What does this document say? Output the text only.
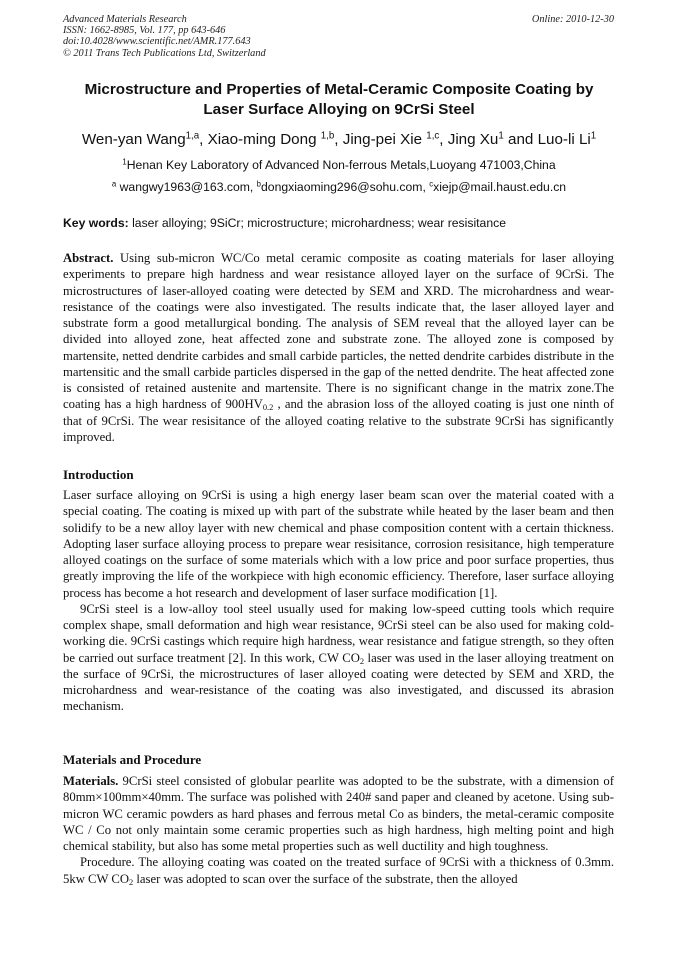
Advanced Materials Research
ISSN: 1662-8985, Vol. 177, pp 643-646
doi:10.4028/www.scientific.net/AMR.177.643
© 2011 Trans Tech Publications Ltd, Switzerland
Online: 2010-12-30
Microstructure and Properties of Metal-Ceramic Composite Coating by
Laser Surface Alloying on 9CrSi Steel
Wen-yan Wang$^{1,a}$, Xiao-ming Dong $^{1,b}$, Jing-pei Xie $^{1,c}$, Jing Xu$^1$ and Luo-li Li$^1$
$^1$Henan Key Laboratory of Advanced Non-ferrous Metals,Luoyang 471003,China
$^a$ wangwy1963@163.com, $^b$dongxiaoming296@sohu.com, $^c$xiejp@mail.haust.edu.cn
Key words: laser alloying; 9SiCr; microstructure; microhardness; wear resisitance

Abstract. Using sub-micron WC/Co metal ceramic composite as coating materials for laser alloying experiments to prepare high hardness and wear resistance alloyed layer on the surface of 9CrSi. The microstructures of laser-alloyed coating were detected by SEM and XRD. The microhardness and wear-resistance of the coatings were also investigated. The results indicate that, the laser alloyed layer and substrate form a good metallurgical bonding. The analysis of SEM reveal that the alloyed layer can be divided into alloyed zone, heat affected zone and substrate zone. The alloyed zone is composed by martensite, netted dendrite carbides and small carbide particles, the netted dendrite carbides distribute in the martensitic and the small carbide particles dispersed in the gap of the netted dendrite. The heat affected zone is consisted of retained austenite and martensite. There is no significant change in the matrix zone.The coating has a high hardness of $900HV_{0.2}$ , and the abrasion loss of the alloyed coating is just one ninth of that of 9CrSi. The wear resisitance of the alloyed coating relative to the substrate 9CrSi has significantly improved.

Introduction

Laser surface alloying on 9CrSi is using a high energy laser beam scan over the material coated with a special coating. The coating is mixed up with part of the substrate while heated by the laser beam and then solidify to be a new alloy layer with new chemical and phase composition content with a certain thickness. Adopting laser surface alloying process to prepare wear resisitance, corrosion resisitance, high temperature alloyed coatings on the surface of some materials which with a low price and poor surface properties, thus greatly improving the life of the workpiece with high economic efficiency. Therefore, laser surface alloying process has become a hot research and development of laser surface modification [1].

9CrSi steel is a low-alloy tool steel usually used for making low-speed cutting tools which require complex shape, small deformation and high wear resistance, 9CrSi steel can be also used for making cold-working die. 9CrSi castings which require high hardness, wear resistance and fatigue strength, so they often be carried out surface treatment [2]. In this work, CW $CO_2$ laser was used in the laser alloying treatment on the surface of 9CrSi, the microstructures of laser alloyed coating were detected by SEM and XRD, the microhardness and wear-resistance of the coating was also investigated, and discussed its abrasion mechanism.

Materials and Procedure

Materials. 9CrSi steel consisted of globular pearlite was adopted to be the substrate, with a dimension of 80mm×100mm×40mm. The surface was polished with 240# sand paper and cleaned by acetone. Using sub-micron WC ceramic powders as hard phases and ferrous metal Co as binders, the metal-ceramic composite WC / Co not only maintain some ceramic properties such as high hardness, high melting point and high chemical stability, but also has some metal properties such as well ductility and high toughness.

Procedure. The alloying coating was coated on the treated surface of 9CrSi with a thickness of 0.3mm. 5kw CW $CO_2$ laser was adopted to scan over the surface of the substrate, then the alloyed
